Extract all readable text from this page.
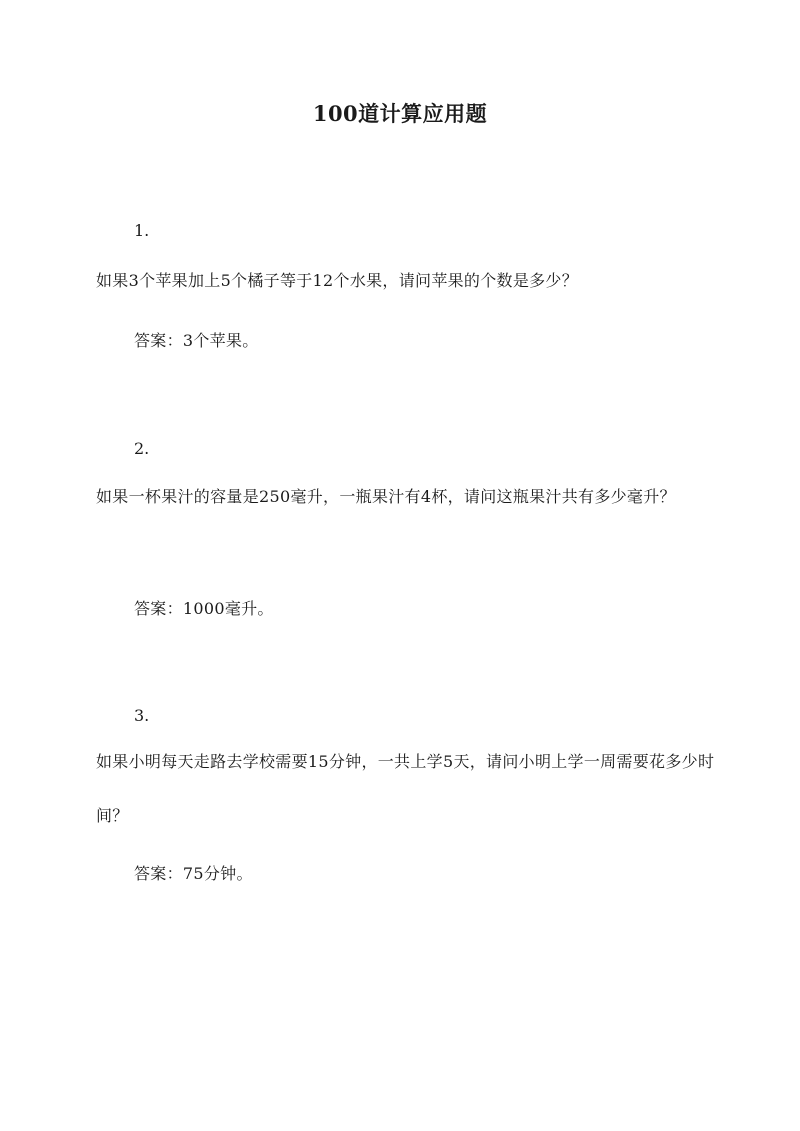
100道计算应用题
1.
如果3个苹果加上5个橘子等于12个水果，请问苹果的个数是多少？
答案：3个苹果。
2.
如果一杯果汁的容量是250毫升，一瓶果汁有4杯，请问这瓶果汁共有多少毫升？
答案：1000毫升。
3.
如果小明每天走路去学校需要15分钟，一共上学5天，请问小明上学一周需要花多少时间？
答案：75分钟。
